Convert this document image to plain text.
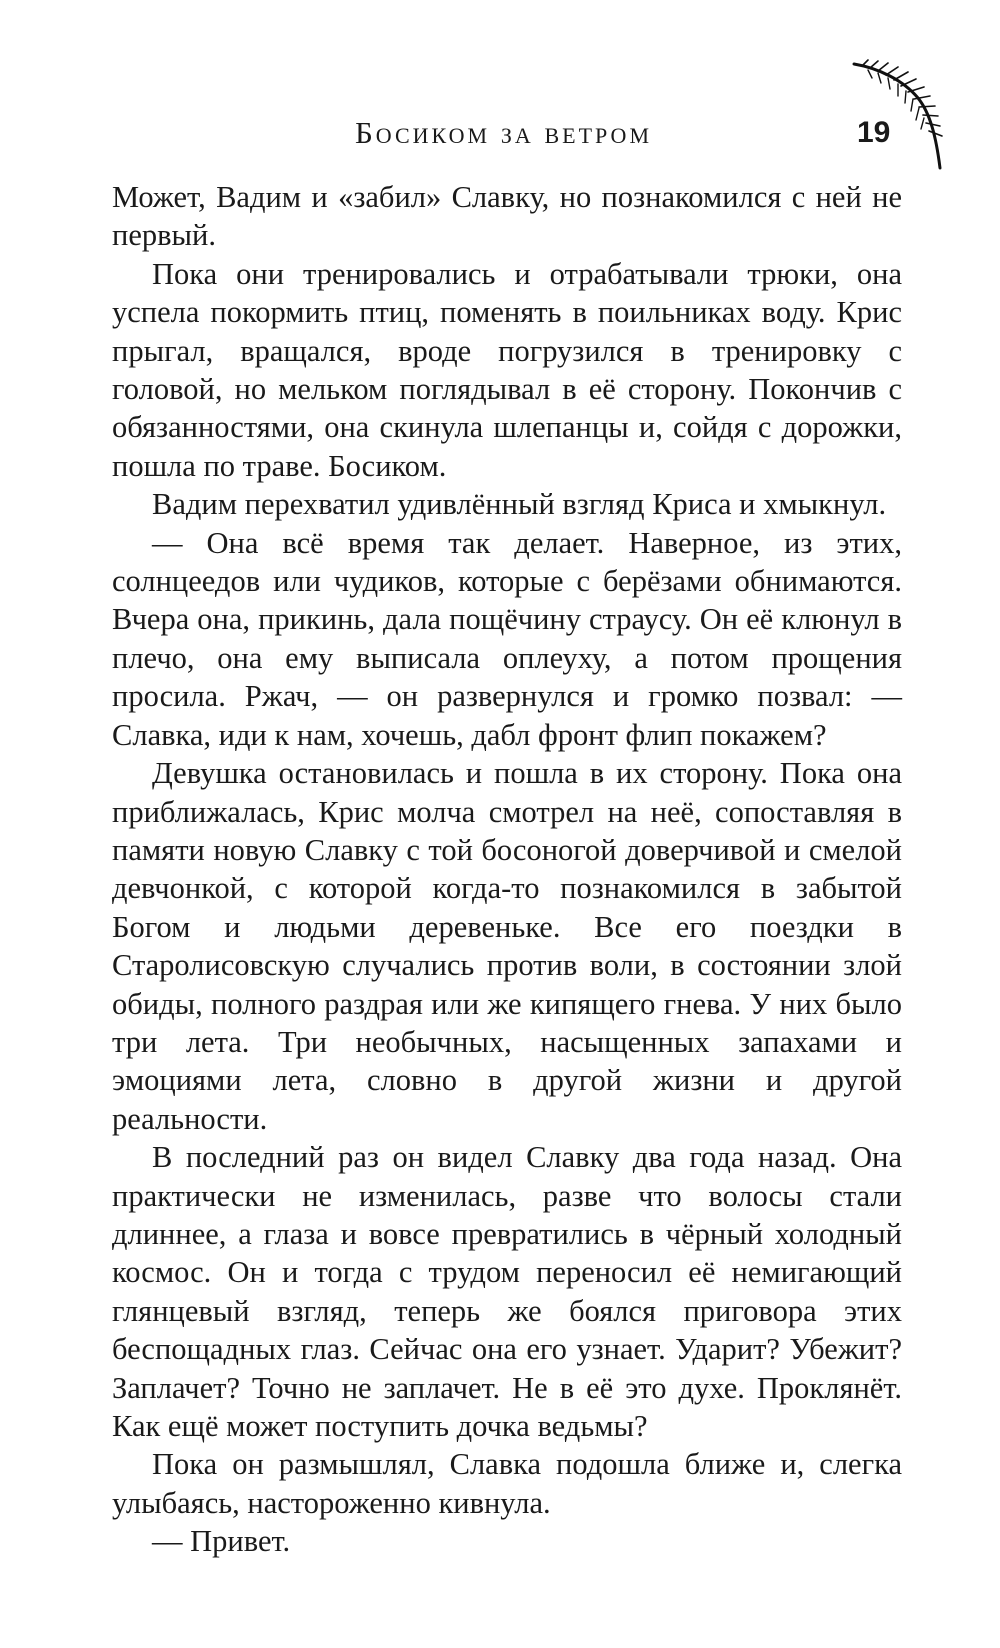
Босиком за ветром	19

Может, Вадим и «забил» Славку, но познакомился с ней не первый.

Пока они тренировались и отрабатывали трюки, она успела покормить птиц, поменять в поильниках воду. Крис прыгал, вращался, вроде погрузился в тренировку с головой, но мельком поглядывал в её сторону. Покончив с обязанностями, она скинула шлепанцы и, сойдя с дорожки, пошла по траве. Босиком.

Вадим перехватил удивлённый взгляд Криса и хмыкнул.

— Она всё время так делает. Наверное, из этих, солнцеедов или чудиков, которые с берёзами обнимаются. Вчера она, прикинь, дала пощёчину страусу. Он её клюнул в плечо, она ему выписала оплеуху, а потом прощения просила. Ржач, — он развернулся и громко позвал: — Славка, иди к нам, хочешь, дабл фронт флип покажем?

Девушка остановилась и пошла в их сторону. Пока она приближалась, Крис молча смотрел на неё, сопоставляя в памяти новую Славку с той босоногой доверчивой и смелой девчонкой, с которой когда-то познакомился в забытой Богом и людьми деревеньке. Все его поездки в Старолисовскую случались против воли, в состоянии злой обиды, полного раздрая или же кипящего гнева. У них было три лета. Три необычных, насыщенных запахами и эмоциями лета, словно в другой жизни и другой реальности.

В последний раз он видел Славку два года назад. Она практически не изменилась, разве что волосы стали длиннее, а глаза и вовсе превратились в чёрный холодный космос. Он и тогда с трудом переносил её немигающий глянцевый взгляд, теперь же боялся приговора этих беспощадных глаз. Сейчас она его узнает. Ударит? Убежит? Заплачет? Точно не заплачет. Не в её это духе. Проклянёт. Как ещё может поступить дочка ведьмы?

Пока он размышлял, Славка подошла ближе и, слегка улыбаясь, настороженно кивнула.

— Привет.
